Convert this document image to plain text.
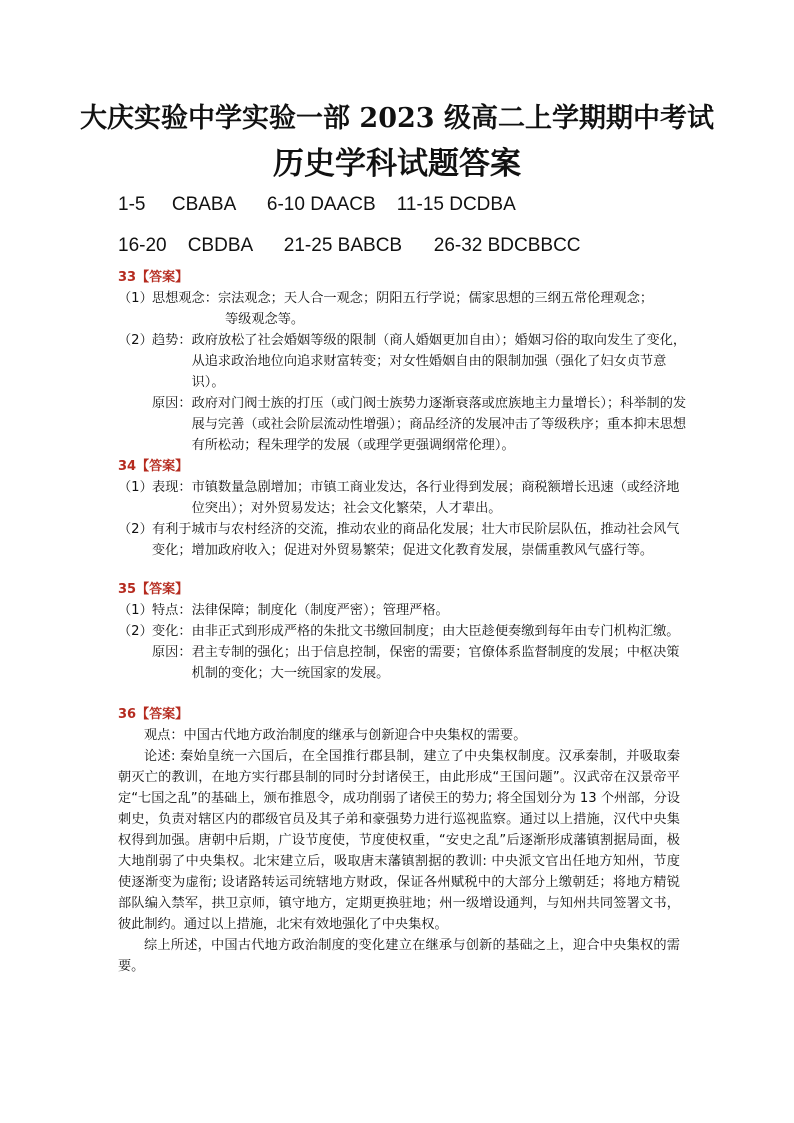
大庆实验中学实验一部 2023 级高二上学期期中考试
历史学科试题答案
1-5     CBABA      6-10 DAACB    11-15 DCDBA
16-20    CBDBA      21-25 BABCB      26-32 BDCBBCC
33【答案】
（1） 思想观念： 宗法观念；天人合一观念；阴阳五行学说；儒家思想的三纲五常伦理观念；
等级观念等。
（2） 趋势： 政府放松了社会婚姻等级的限制（商人婚姻更加自由）；婚姻习俗的取向发生了变化，从追求政治地位向追求财富转变；对女性婚姻自由的限制加强（强化了妇女贞节意识）。
原因： 政府对门阀士族的打压（或门阀士族势力逐渐衰落或庶族地主力量增长）；科举制的发展与完善（或社会阶层流动性增强）；商品经济的发展冲击了等级秩序；重本抑末思想有所松动；程朱理学的发展（或理学更强调纲常伦理）。
34【答案】
（1） 表现： 市镇数量急剧增加；市镇工商业发达，各行业得到发展；商税额增长迅速（或经济地位突出）；对外贸易发达；社会文化繁荣，人才辈出。
（2） 有利于城市与农村经济的交流，推动农业的商品化发展；壮大市民阶层队伍，推动社会风气变化；增加政府收入；促进对外贸易繁荣；促进文化教育发展，崇儒重教风气盛行等。
35【答案】
（1） 特点： 法律保障；制度化（制度严密）；管理严格。
（2） 变化： 由非正式到形成严格的朱批文书缴回制度；由大臣趁便奏缴到每年由专门机构汇缴。
原因： 君主专制的强化；出于信息控制，保密的需要；官僚体系监督制度的发展；中枢决策机制的变化；大一统国家的发展。
36【答案】

观点：中国古代地方政治制度的继承与创新迎合中央集权的需要。

论述: 秦始皇统一六国后，在全国推行郡县制，建立了中央集权制度。汉承秦制，并吸取秦朝灭亡的教训，在地方实行郡县制的同时分封诸侯王，由此形成“王国问题”。汉武帝在汉景帝平定“七国之乱”的基础上，颁布推恩令，成功削弱了诸侯王的势力; 将全国划分为 13 个州部，分设刺史，负责对辖区内的郡级官员及其子弟和豪强势力进行巡视监察。通过以上措施，汉代中央集权得到加强。唐朝中后期，广设节度使，节度使权重，“安史之乱”后逐渐形成藩镇割据局面，极大地削弱了中央集权。北宋建立后，吸取唐末藩镇割据的教训: 中央派文官出任地方知州，节度使逐渐变为虚衔; 设诸路转运司统辖地方财政，保证各州赋税中的大部分上缴朝廷；将地方精锐部队编入禁军，拱卫京师，镇守地方，定期更换驻地；州一级增设通判，与知州共同签署文书，彼此制约。通过以上措施，北宋有效地强化了中央集权。

综上所述，中国古代地方政治制度的变化建立在继承与创新的基础之上，迎合中央集权的需要。
